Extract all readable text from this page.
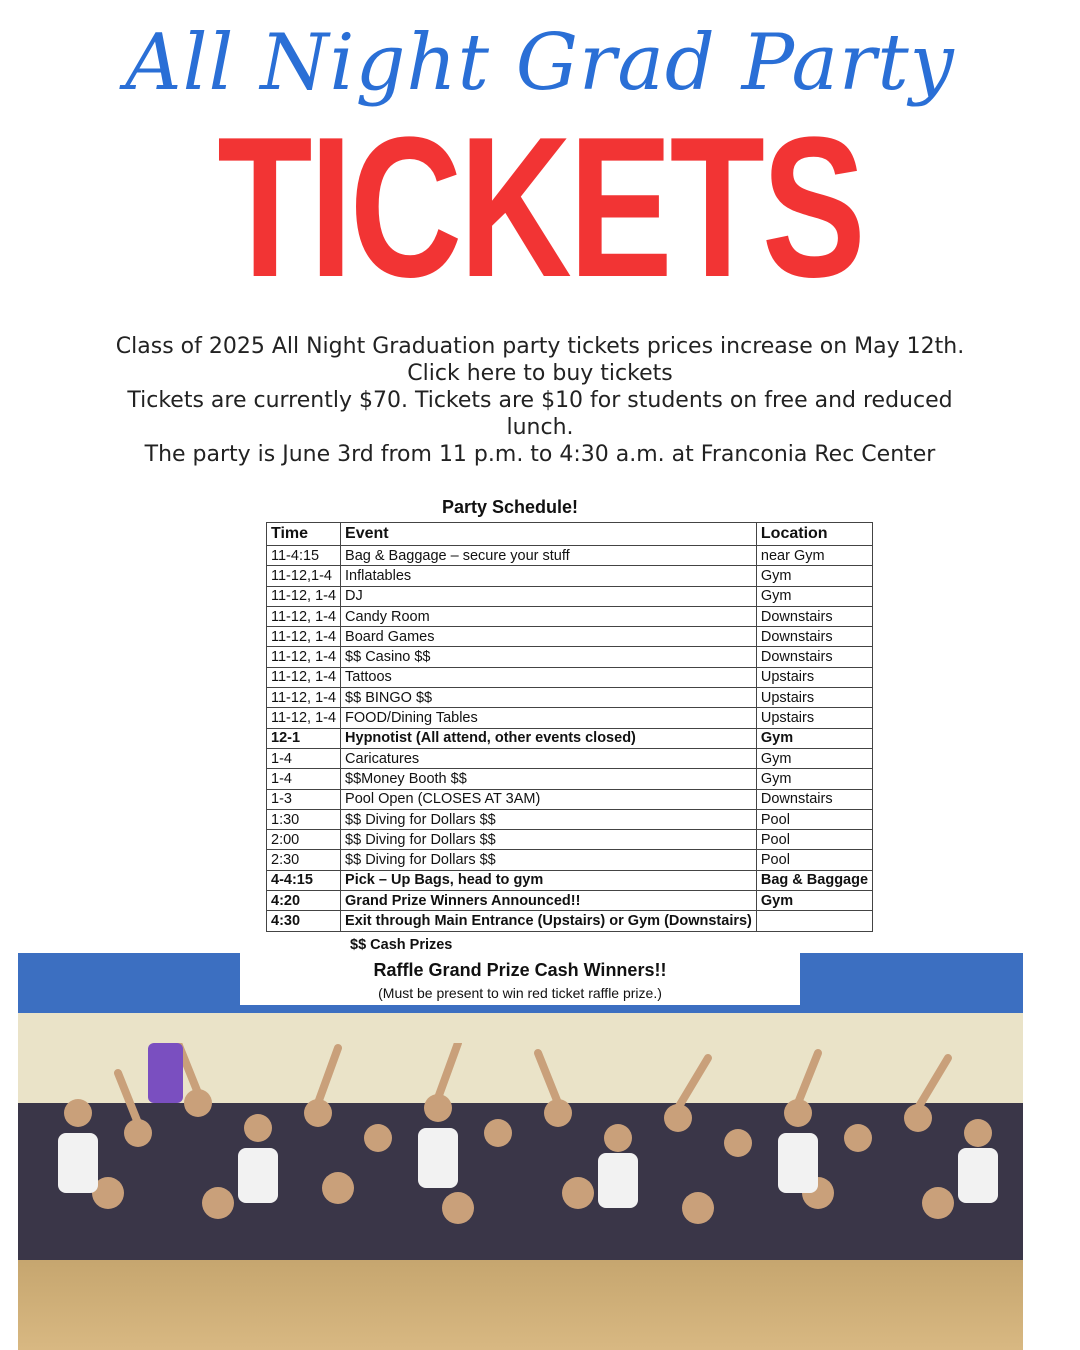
All Night Grad Party
TICKETS

Class of 2025 All Night Graduation party tickets prices increase on May 12th. Click here to buy tickets

Tickets are currently $70. Tickets are $10 for students on free and reduced lunch.

The party is June 3rd from 11 p.m. to 4:30 a.m. at Franconia Rec Center

Party Schedule!
Time	Event	Location
11-4:15	Bag & Baggage – secure your stuff	near Gym
11-12,1-4	Inflatables	Gym
11-12, 1-4	DJ	Gym
11-12, 1-4	Candy Room	Downstairs
11-12, 1-4	Board Games	Downstairs
11-12, 1-4	$$ Casino $$	Downstairs
11-12, 1-4	Tattoos	Upstairs
11-12, 1-4	$$ BINGO $$	Upstairs
11-12, 1-4	FOOD/Dining Tables	Upstairs
12-1	Hypnotist (All attend, other events closed)	Gym
1-4	Caricatures	Gym
1-4	$$Money Booth $$	Gym
1-3	Pool Open (CLOSES AT 3AM)	Downstairs
1:30	$$ Diving for Dollars $$	Pool
2:00	$$ Diving for Dollars $$	Pool
2:30	$$ Diving for Dollars $$	Pool
4-4:15	Pick – Up Bags, head to gym	Bag & Baggage
4:20	Grand Prize Winners Announced!!	Gym
4:30	Exit through Main Entrance (Upstairs) or Gym (Downstairs)	
$$ Cash Prizes
Raffle Grand Prize Cash Winners!!
(Must be present to win red ticket raffle prize.)
